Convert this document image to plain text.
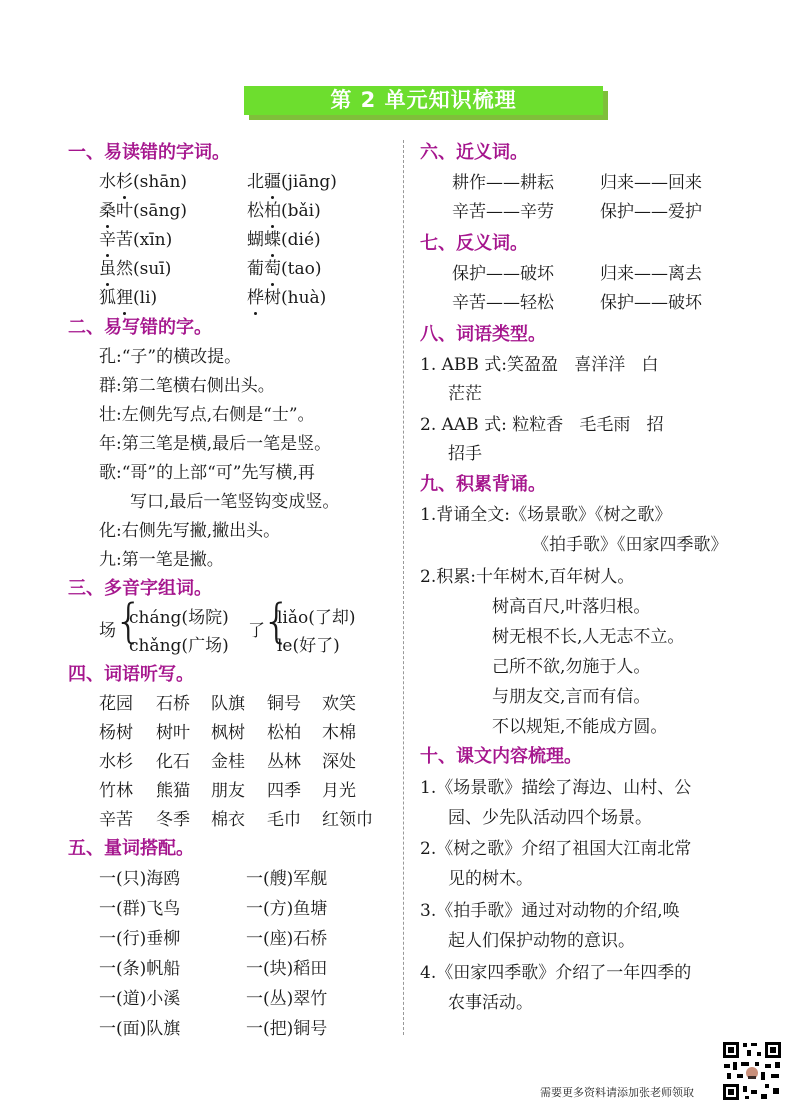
第 2 单元知识梳理
一、易读错的字词。
水杉(shān)	北疆(jiāng)
桑叶(sāng)	松柏(bǎi)
辛苦(xīn)	蝴蝶(dié)
虽然(suī)	葡萄(tao)
狐狸(li)	桦树(huà)
二、易写错的字。
孔:“子”的横改提。
群:第二笔横右侧出头。
壮:左侧先写点,右侧是“士”。
年:第三笔是横,最后一笔是竖。
歌:“哥”的上部“可”先写横,再
写口,最后一笔竖钩变成竖。
化:右侧先写撇,撇出头。
九:第一笔是撇。
三、多音字组词。
场
{
cháng(场院)
chǎng(广场)
了
{
liǎo(了却)
le(好了)
四、词语听写。
花园 石桥 队旗 铜号 欢笑
杨树 树叶 枫树 松柏 木棉
水杉 化石 金桂 丛林 深处
竹林 熊猫 朋友 四季 月光
辛苦 冬季 棉衣 毛巾 红领巾
五、量词搭配。
一(只)海鸥	一(艘)军舰
一(群)飞鸟	一(方)鱼塘
一(行)垂柳	一(座)石桥
一(条)帆船	一(块)稻田
一(道)小溪	一(丛)翠竹
一(面)队旗	一(把)铜号
六、近义词。
耕作——耕耘	归来——回来
辛苦——辛劳	保护——爱护
七、反义词。
保护——破坏	归来——离去
辛苦——轻松	保护——破坏
八、词语类型。
1. ABB 式:笑盈盈   喜洋洋   白
茫茫
2. AAB 式: 粒粒香   毛毛雨   招
招手
九、积累背诵。
1.背诵全文:《场景歌》《树之歌》
《拍手歌》《田家四季歌》
2.积累:十年树木,百年树人。
树高百尺,叶落归根。
树无根不长,人无志不立。
己所不欲,勿施于人。
与朋友交,言而有信。
不以规矩,不能成方圆。
十、课文内容梳理。
1.《场景歌》描绘了海边、山村、公
园、少先队活动四个场景。
2.《树之歌》介绍了祖国大江南北常
见的树木。
3.《拍手歌》通过对动物的介绍,唤
起人们保护动物的意识。
4.《田家四季歌》介绍了一年四季的
农事活动。
需要更多资料请添加张老师领取
